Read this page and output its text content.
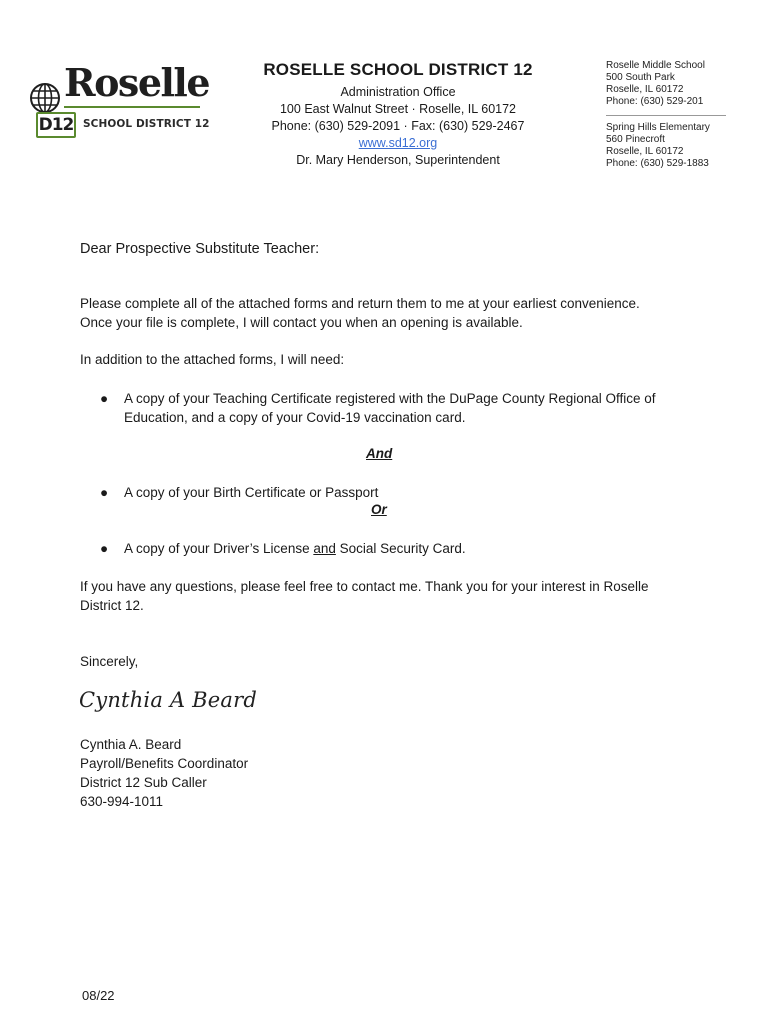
Roselle
D12 SCHOOL DISTRICT 12
ROSELLE SCHOOL DISTRICT 12
Administration Office
100 East Walnut Street · Roselle, IL 60172
Phone: (630) 529-2091 · Fax: (630) 529-2467
www.sd12.org
Dr. Mary Henderson, Superintendent
Roselle Middle School
500 South Park
Roselle, IL 60172
Phone: (630) 529-201
Spring Hills Elementary
560 Pinecroft
Roselle, IL 60172
Phone: (630) 529-1883
Dear Prospective Substitute Teacher:
Please complete all of the attached forms and return them to me at your earliest convenience.
Once your file is complete, I will contact you when an opening is available.
In addition to the attached forms, I will need:
●	A copy of your Teaching Certificate registered with the DuPage County Regional Office of
Education, and a copy of your Covid-19 vaccination card.
And
●	A copy of your Birth Certificate or Passport
Or
●	A copy of your Driver’s License and Social Security Card.
If you have any questions, please feel free to contact me. Thank you for your interest in Roselle
District 12.
Sincerely,
Cynthia A Beard
Cynthia A. Beard
Payroll/Benefits Coordinator
District 12 Sub Caller
630-994-1011
08/22
